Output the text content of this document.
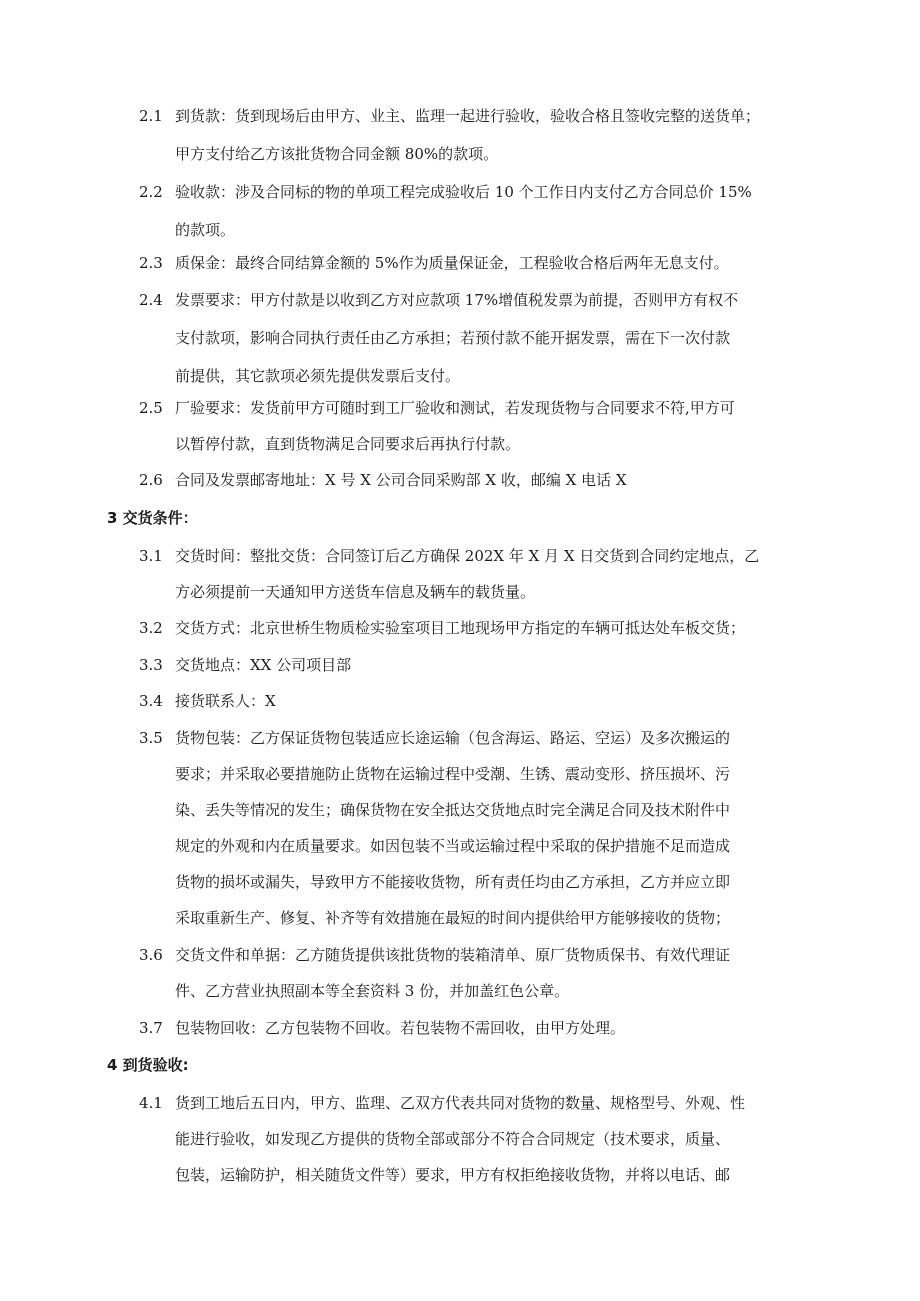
2.1 到货款：货到现场后由甲方、业主、监理一起进行验收，验收合格且签收完整的送货单；
甲方支付给乙方该批货物合同金额 80%的款项。
2.2 验收款：涉及合同标的物的单项工程完成验收后 10 个工作日内支付乙方合同总价 15%
的款项。
2.3 质保金：最终合同结算金额的 5%作为质量保证金，工程验收合格后两年无息支付。
2.4 发票要求：甲方付款是以收到乙方对应款项 17%增值税发票为前提，否则甲方有权不
支付款项，影响合同执行责任由乙方承担；若预付款不能开据发票，需在下一次付款
前提供，其它款项必须先提供发票后支付。
2.5 厂验要求：发货前甲方可随时到工厂验收和测试，若发现货物与合同要求不符,甲方可
以暂停付款，直到货物满足合同要求后再执行付款。
2.6 合同及发票邮寄地址：X 号 X 公司合同采购部 X 收，邮编 X 电话 X
3 交货条件：
3.1 交货时间：整批交货：合同签订后乙方确保 202X 年 X 月 X 日交货到合同约定地点，乙
方必须提前一天通知甲方送货车信息及辆车的载货量。
3.2 交货方式：北京世桥生物质检实验室项目工地现场甲方指定的车辆可抵达处车板交货；
3.3 交货地点：XX 公司项目部
3.4 接货联系人：X
3.5 货物包装：乙方保证货物包装适应长途运输（包含海运、路运、空运）及多次搬运的
要求；并采取必要措施防止货物在运输过程中受潮、生锈、震动变形、挤压损坏、污
染、丢失等情况的发生；确保货物在安全抵达交货地点时完全满足合同及技术附件中
规定的外观和内在质量要求。如因包装不当或运输过程中采取的保护措施不足而造成
货物的损坏或漏失，导致甲方不能接收货物，所有责任均由乙方承担，乙方并应立即
采取重新生产、修复、补齐等有效措施在最短的时间内提供给甲方能够接收的货物；
3.6 交货文件和单据：乙方随货提供该批货物的装箱清单、原厂货物质保书、有效代理证
件、乙方营业执照副本等全套资料 3 份，并加盖红色公章。
3.7 包装物回收：乙方包装物不回收。若包装物不需回收，由甲方处理。
4 到货验收:
4.1 货到工地后五日内，甲方、监理、乙双方代表共同对货物的数量、规格型号、外观、性
能进行验收，如发现乙方提供的货物全部或部分不符合合同规定（技术要求，质量、
包装，运输防护，相关随货文件等）要求，甲方有权拒绝接收货物，并将以电话、邮
